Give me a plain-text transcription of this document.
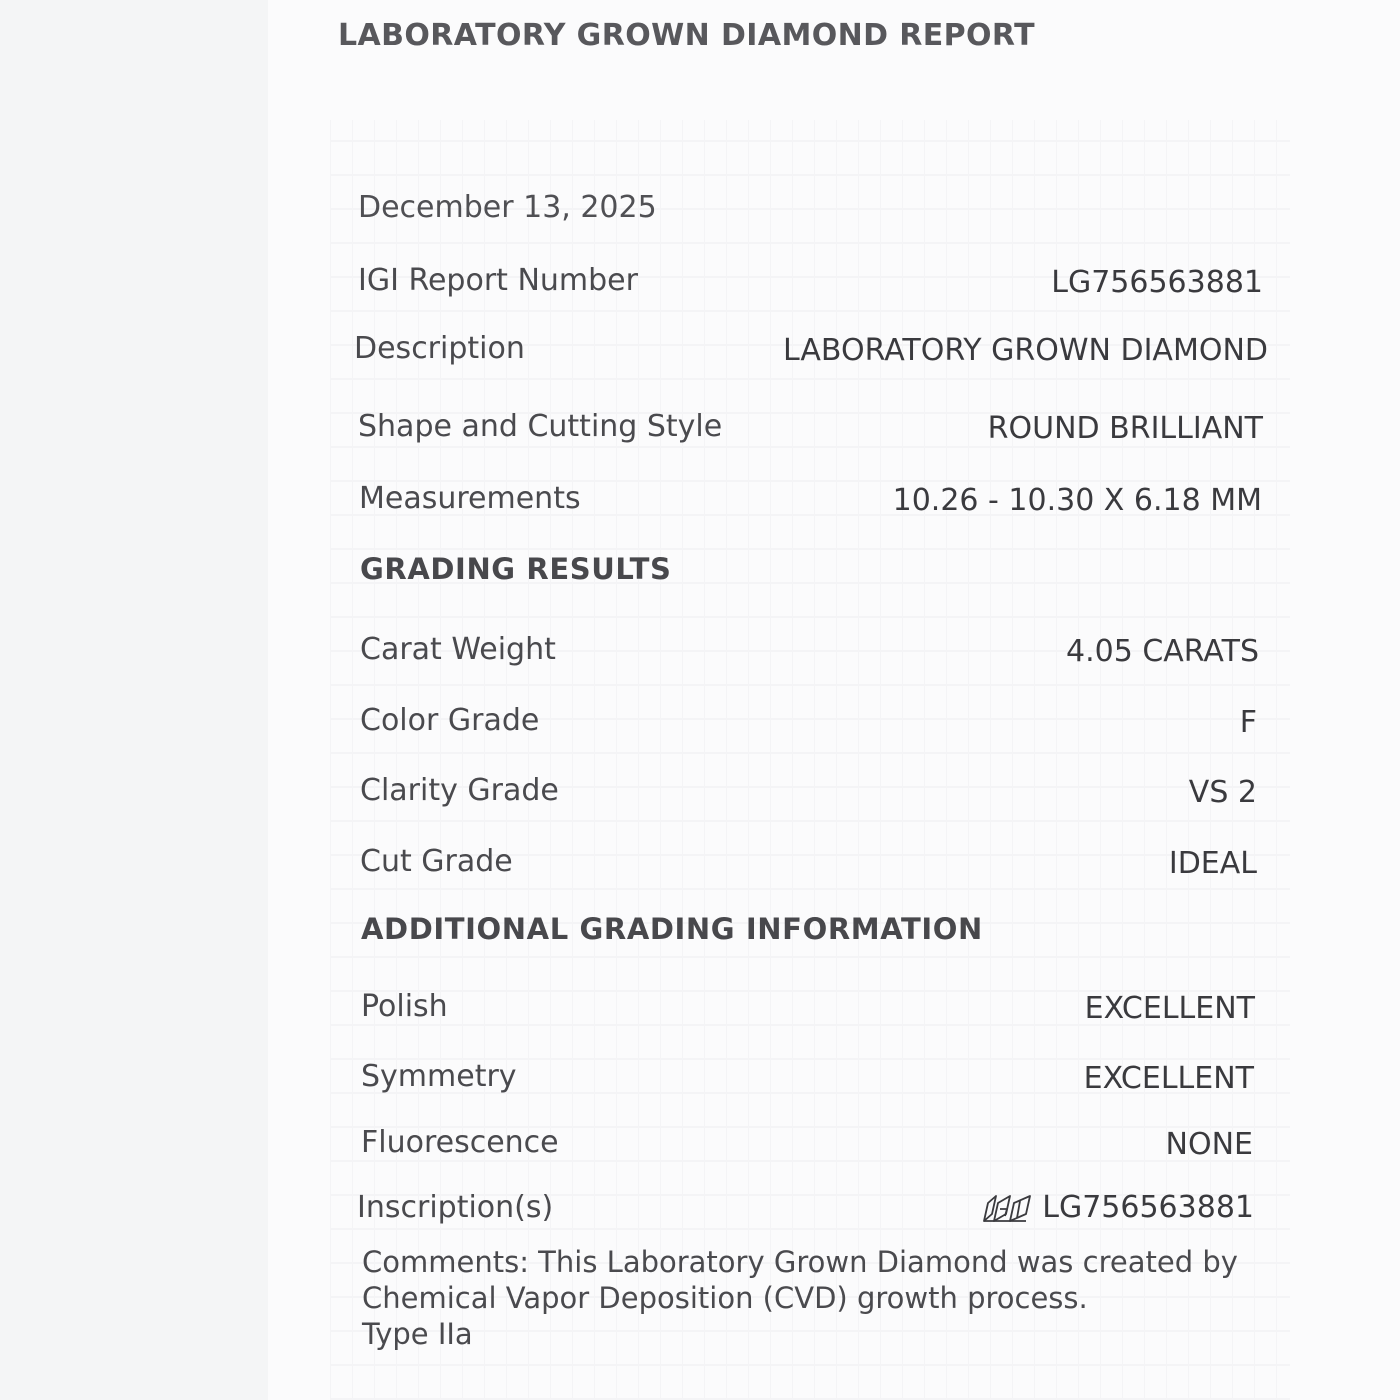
LABORATORY GROWN DIAMOND REPORT
December 13, 2025
IGI Report Number	LG756563881
Description	LABORATORY GROWN DIAMOND
Shape and Cutting Style	ROUND BRILLIANT
Measurements	10.26 - 10.30 X 6.18 MM
GRADING RESULTS
Carat Weight	4.05 CARATS
Color Grade	F
Clarity Grade	VS 2
Cut Grade	IDEAL
ADDITIONAL GRADING INFORMATION
Polish	EXCELLENT
Symmetry	EXCELLENT
Fluorescence	NONE
Inscription(s)	LG756563881

Comments: This Laboratory Grown Diamond was created by Chemical Vapor Deposition (CVD) growth process.

Type IIa
